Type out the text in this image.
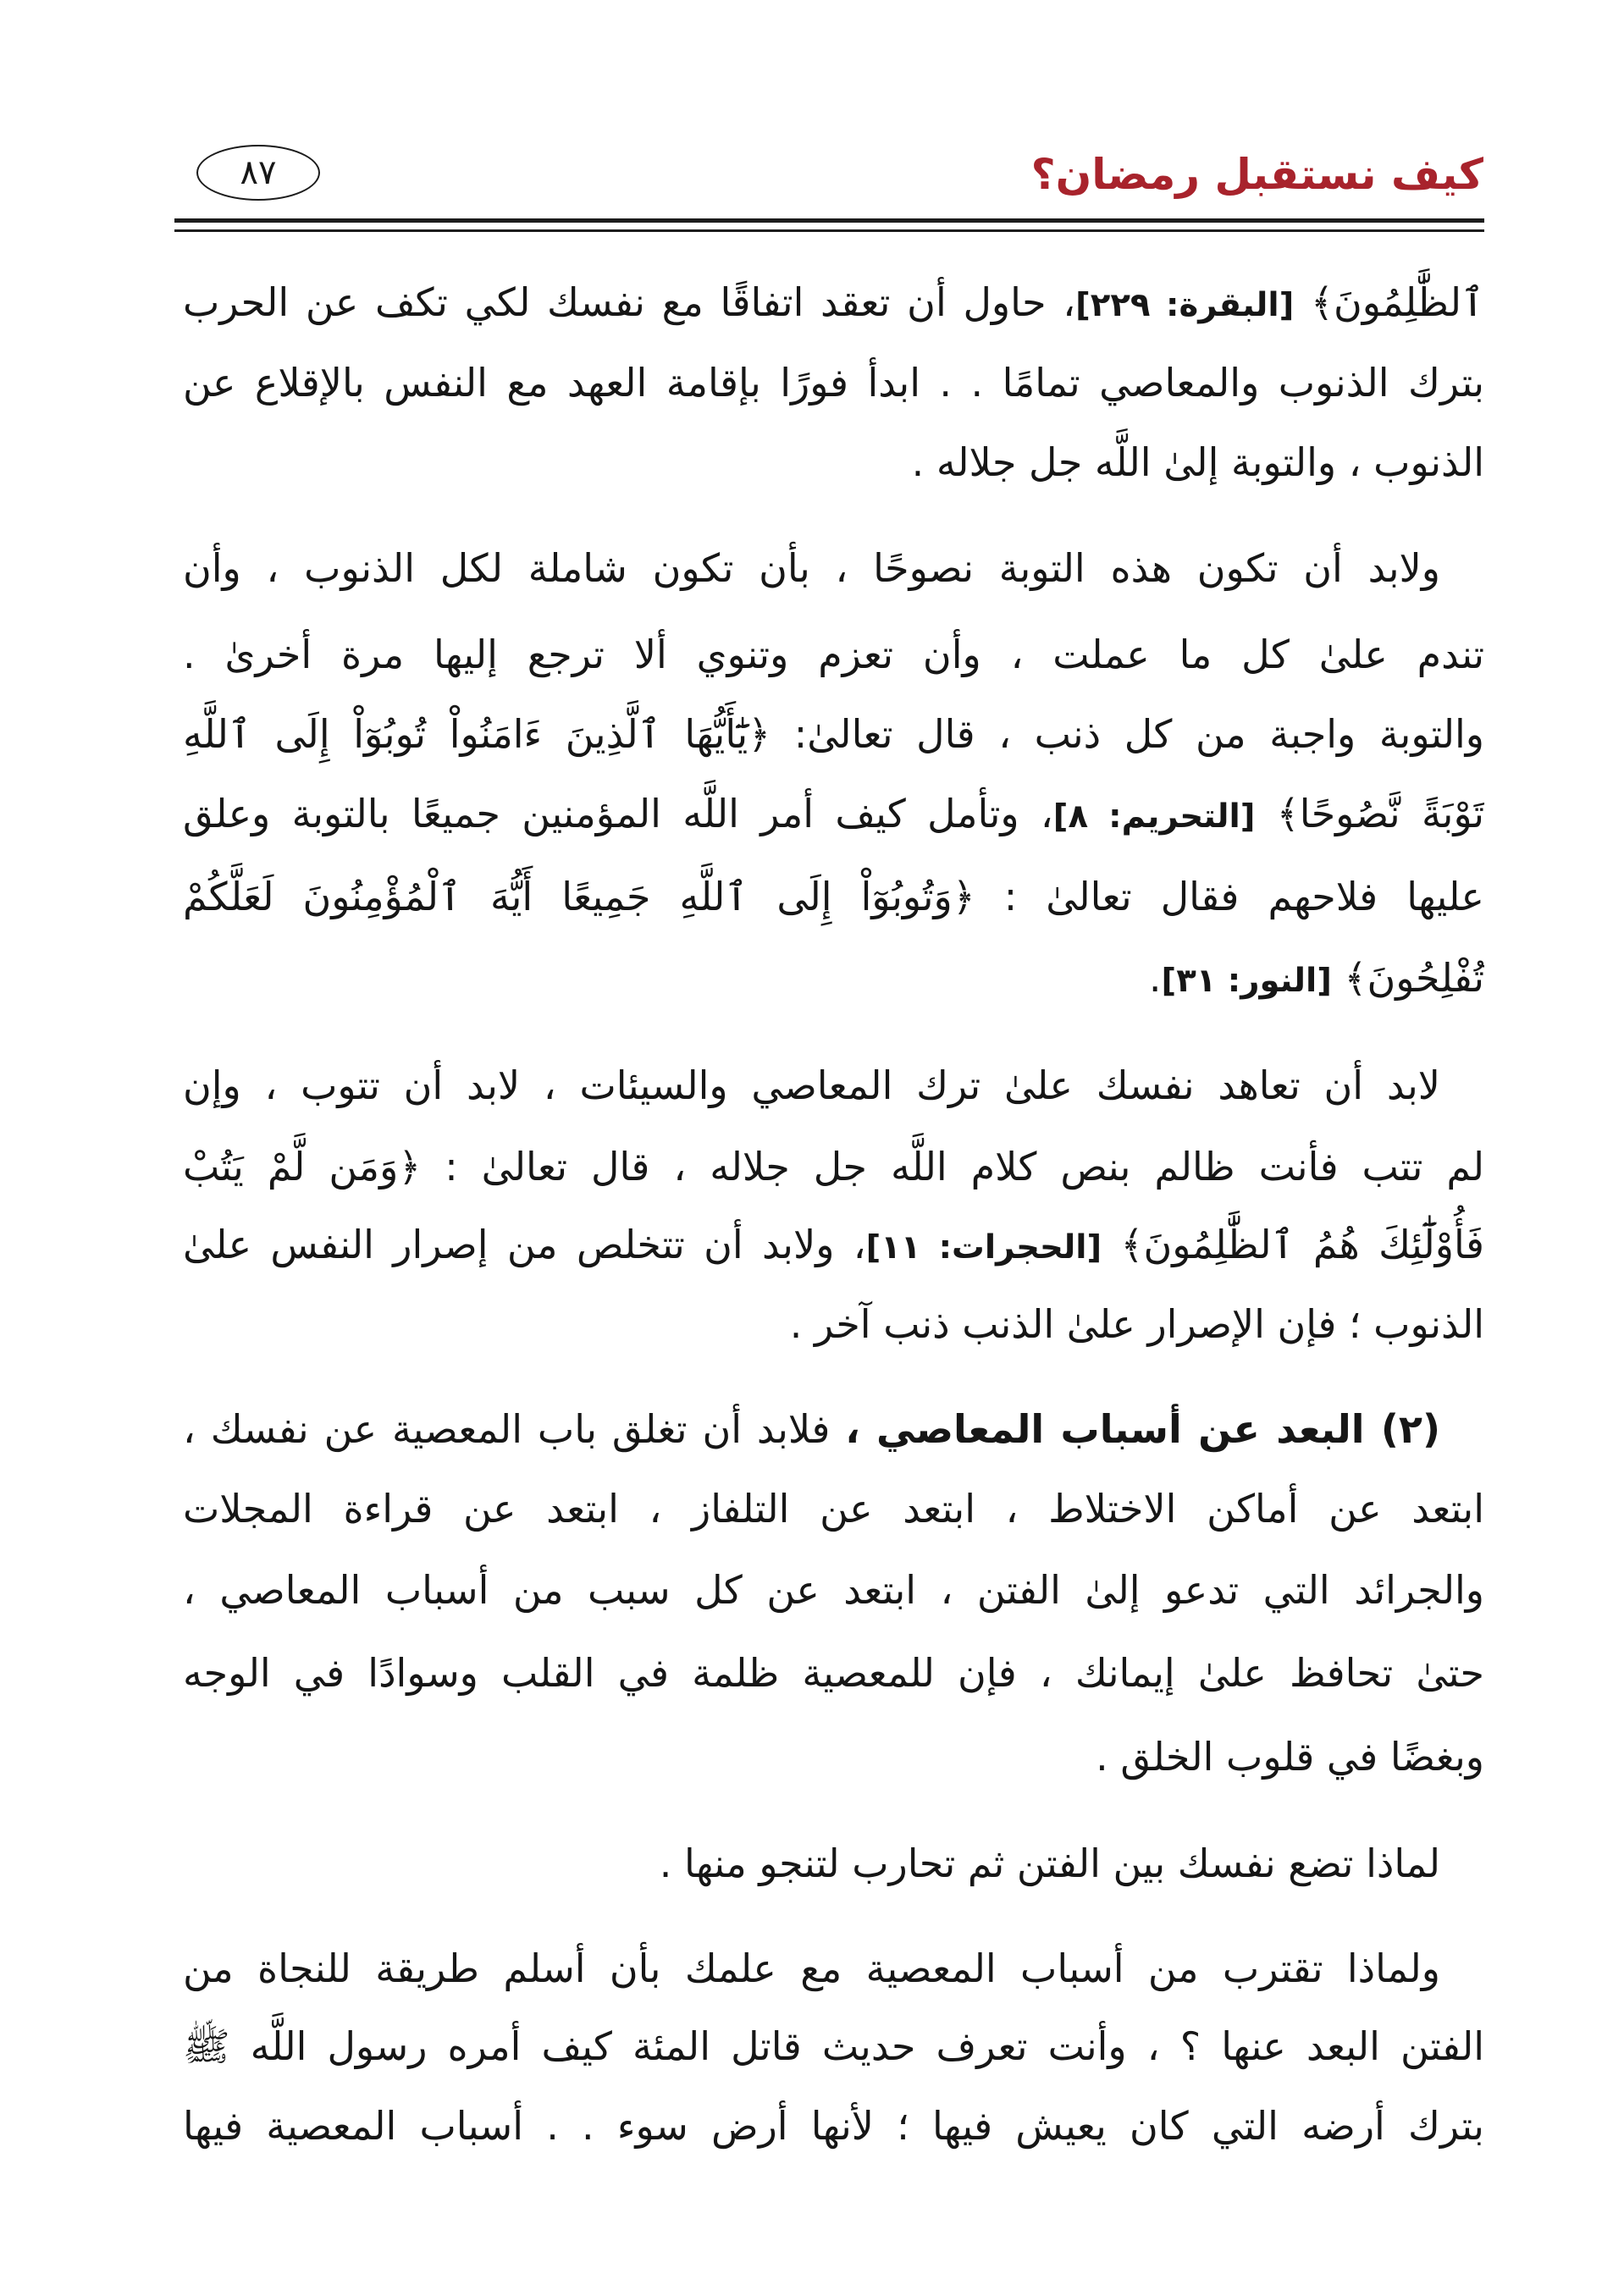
كيف نستقبل رمضان؟
٨٧
ٱلظَّٰلِمُونَ﴾ [البقرة: ٢٢٩]، حاول أن تعقد اتفاقًا مع نفسك لكي تكف عن الحرب
بترك الذنوب والمعاصي تمامًا . . ابدأ فورًا بإقامة العهد مع النفس بالإقلاع عن
الذنوب ، والتوبة إلىٰ اللَّه جل جلاله .
ولابد أن تكون هذه التوبة نصوحًا ، بأن تكون شاملة لكل الذنوب ، وأن
تندم علىٰ كل ما عملت ، وأن تعزم وتنوي ألا ترجع إليها مرة أخرىٰ .
والتوبة واجبة من كل ذنب ، قال تعالىٰ: ﴿يَٰٓأَيُّهَا ٱلَّذِينَ ءَامَنُواْ تُوبُوٓاْ إِلَى ٱللَّهِ
تَوْبَةً نَّصُوحًا﴾ [التحريم: ٨]، وتأمل كيف أمر اللَّه المؤمنين جميعًا بالتوبة وعلق
عليها فلاحهم فقال تعالىٰ : ﴿وَتُوبُوٓاْ إِلَى ٱللَّهِ جَمِيعًا أَيُّهَ ٱلْمُؤْمِنُونَ لَعَلَّكُمْ
تُفْلِحُونَ﴾ [النور: ٣١].
لابد أن تعاهد نفسك علىٰ ترك المعاصي والسيئات ، لابد أن تتوب ، وإن
لم تتب فأنت ظالم بنص كلام اللَّه جل جلاله ، قال تعالىٰ : ﴿وَمَن لَّمْ يَتُبْ
فَأُوْلَٰٓئِكَ هُمُ ٱلظَّٰلِمُونَ﴾ [الحجرات: ١١]، ولابد أن تتخلص من إصرار النفس علىٰ
الذنوب ؛ فإن الإصرار علىٰ الذنب ذنب آخر .
(٢) البعد عن أسباب المعاصي ، فلابد أن تغلق باب المعصية عن نفسك ،
ابتعد عن أماكن الاختلاط ، ابتعد عن التلفاز ، ابتعد عن قراءة المجلات
والجرائد التي تدعو إلىٰ الفتن ، ابتعد عن كل سبب من أسباب المعاصي ،
حتىٰ تحافظ علىٰ إيمانك ، فإن للمعصية ظلمة في القلب وسوادًا في الوجه
وبغضًا في قلوب الخلق .
لماذا تضع نفسك بين الفتن ثم تحارب لتنجو منها .
ولماذا تقترب من أسباب المعصية مع علمك بأن أسلم طريقة للنجاة من
الفتن البعد عنها ؟ ، وأنت تعرف حديث قاتل المئة كيف أمره رسول اللَّه ﷺ
بترك أرضه التي كان يعيش فيها ؛ لأنها أرض سوء . . أسباب المعصية فيها
